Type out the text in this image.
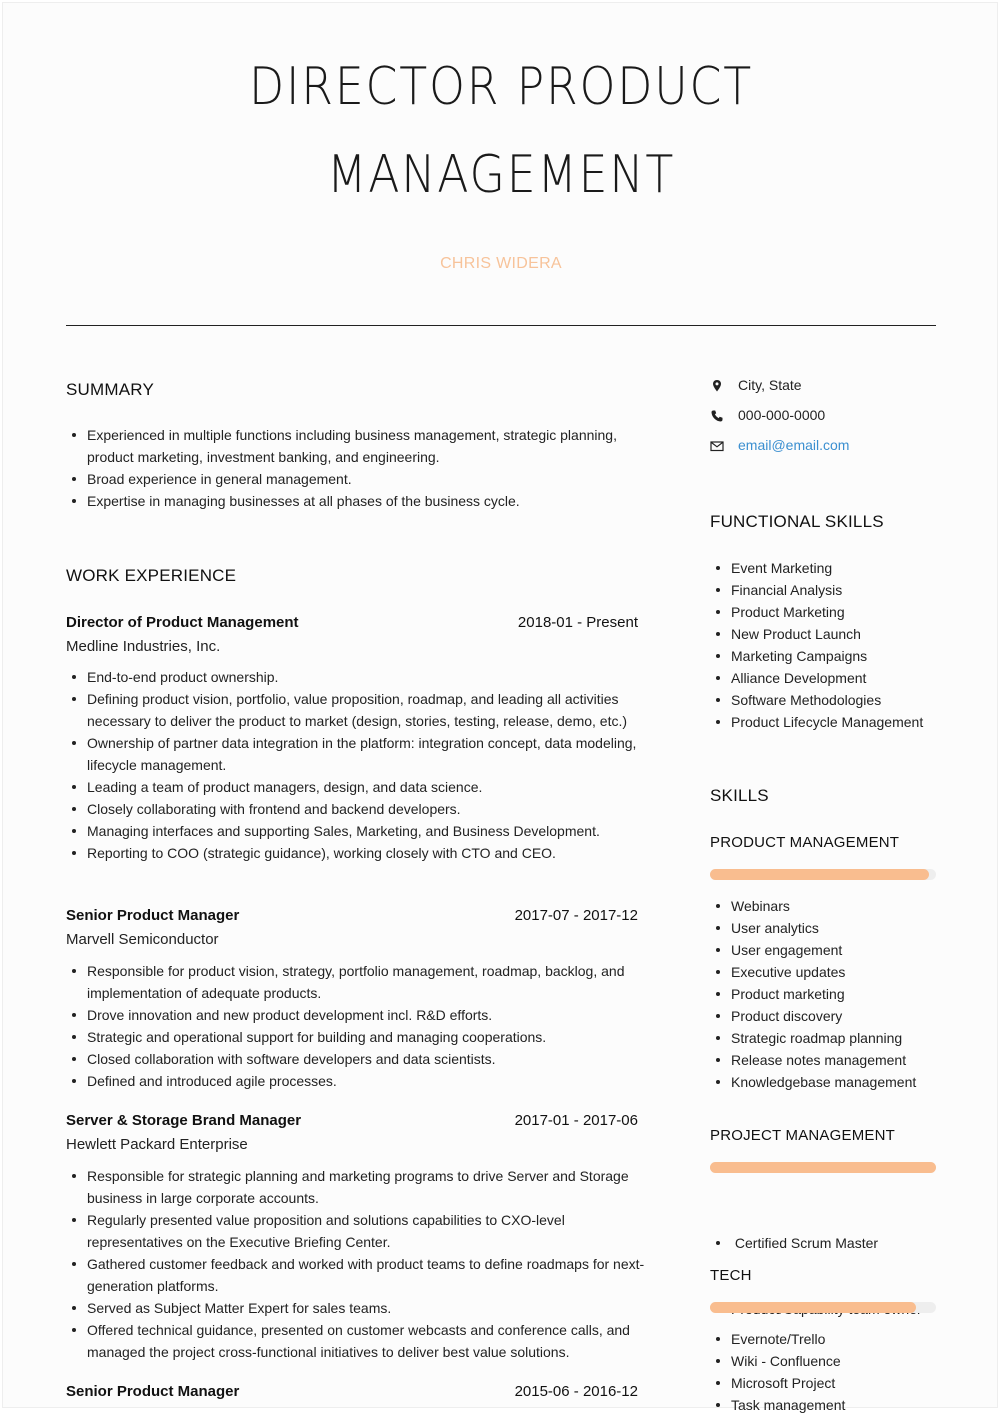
DIRECTOR PRODUCT
MANAGEMENT
CHRIS WIDERA
SUMMARY
Experienced in multiple functions including business management, strategic planning, product marketing, investment banking, and engineering.
Broad experience in general management.
Expertise in managing businesses at all phases of the business cycle.
WORK EXPERIENCE
Director of Product Management	2018-01 - Present
Medline Industries, Inc.
End-to-end product ownership.
Defining product vision, portfolio, value proposition, roadmap, and leading all activities necessary to deliver the product to market (design, stories, testing, release, demo, etc.)
Ownership of partner data integration in the platform: integration concept, data modeling, lifecycle management.
Leading a team of product managers, design, and data science.
Closely collaborating with frontend and backend developers.
Managing interfaces and supporting Sales, Marketing, and Business Development.
Reporting to COO (strategic guidance), working closely with CTO and CEO.
Senior Product Manager	2017-07 - 2017-12
Marvell Semiconductor
Responsible for product vision, strategy, portfolio management, roadmap, backlog, and implementation of adequate products.
Drove innovation and new product development incl. R&D efforts.
Strategic and operational support for building and managing cooperations.
Closed collaboration with software developers and data scientists.
Defined and introduced agile processes.
Server & Storage Brand Manager	2017-01 - 2017-06
Hewlett Packard Enterprise
Responsible for strategic planning and marketing programs to drive Server and Storage business in large corporate accounts.
Regularly presented value proposition and solutions capabilities to CXO-level representatives on the Executive Briefing Center.
Gathered customer feedback and worked with product teams to define roadmaps for next-generation platforms.
Served as Subject Matter Expert for sales teams.
Offered technical guidance, presented on customer webcasts and conference calls, and managed the project cross-functional initiatives to deliver best value solutions.
Senior Product Manager	2015-06 - 2016-12
City, State
000-000-0000
email@email.com
FUNCTIONAL SKILLS
Event Marketing
Financial Analysis
Product Marketing
New Product Launch
Marketing Campaigns
Alliance Development
Software Methodologies
Product Lifecycle Management
SKILLS
PRODUCT MANAGEMENT
Webinars
User analytics
User engagement
Executive updates
Product marketing
Product discovery
Strategic roadmap planning
Release notes management
Knowledgebase management
PROJECT MANAGEMENT

Certified Scrum Master

TECH
Evernote/Trello
Wiki - Confluence
Microsoft Project
Task management
